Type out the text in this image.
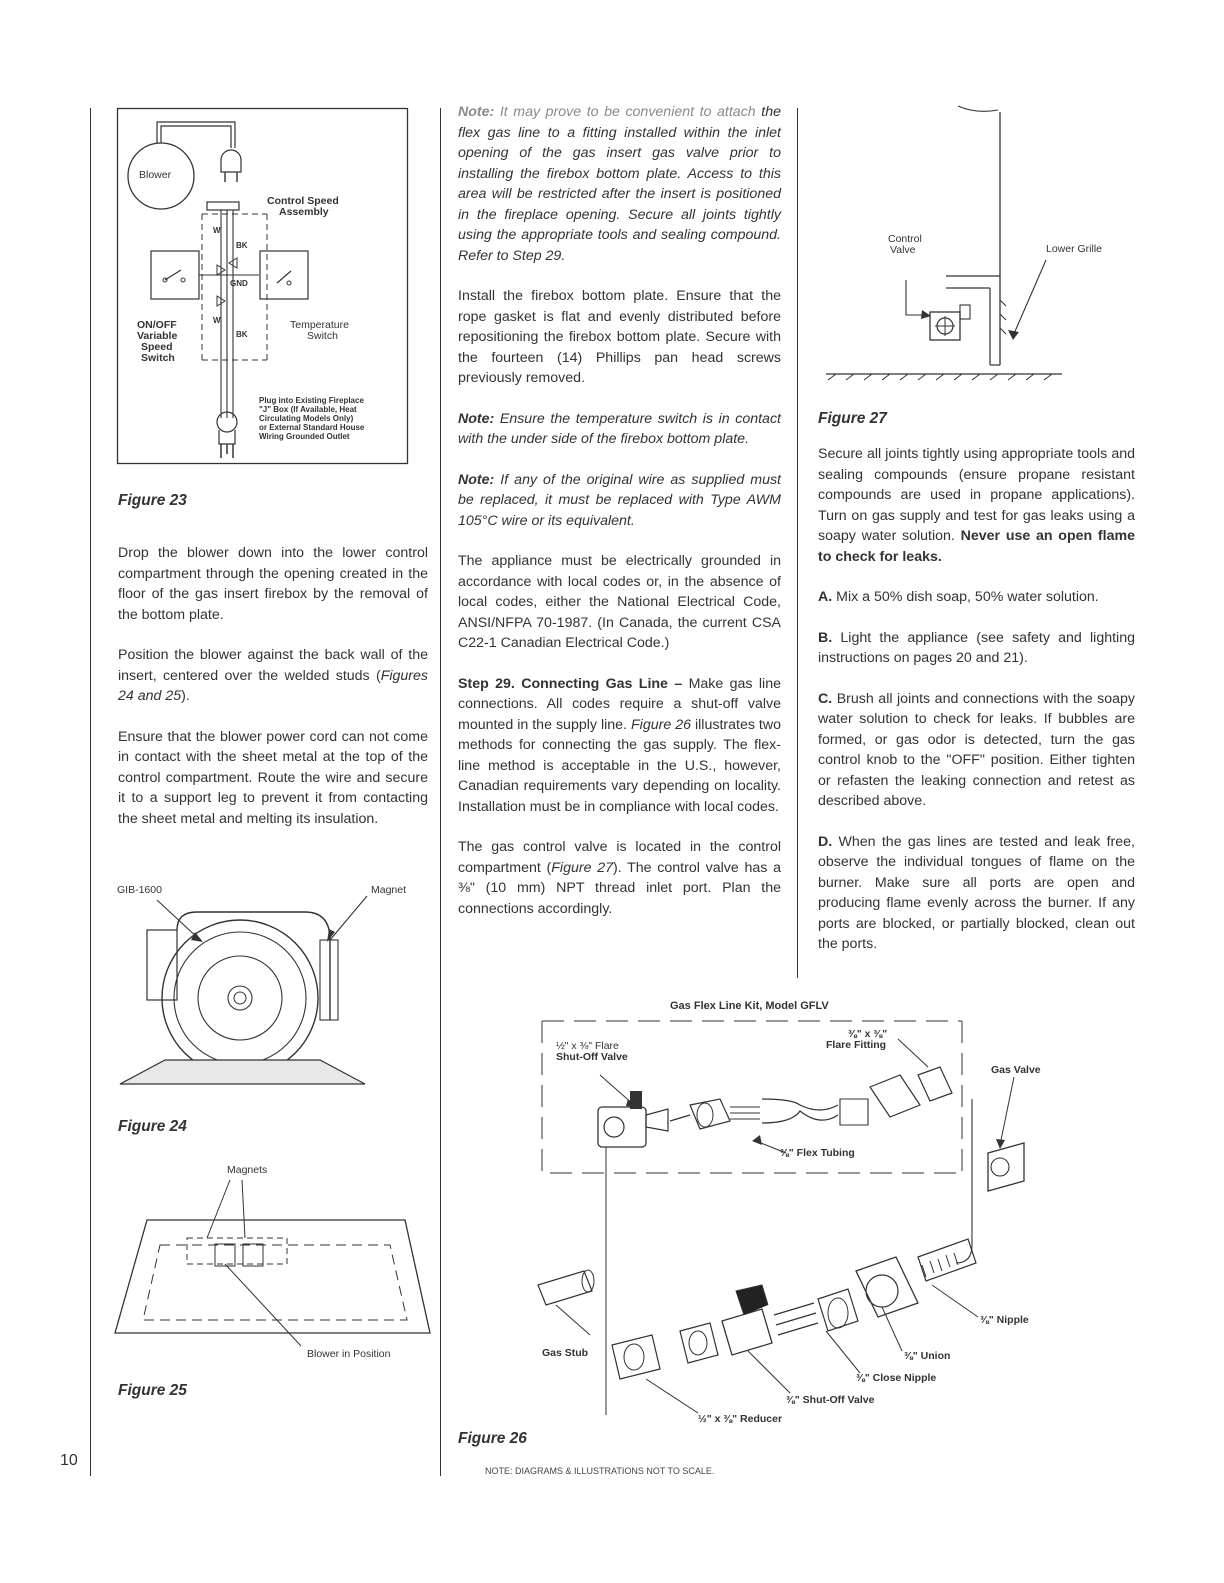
10
Blower
Control Speed
Assembly
W
BK
GND
W
BK
ON/OFF
Variable
Speed
Switch
Temperature
Switch
Plug into Existing Fireplace
"J" Box (If Available, Heat
Circulating Models Only)
or External Standard House
Wiring Grounded Outlet
Figure 23

Drop the blower down into the lower control compartment through the opening created in the floor of the gas insert firebox by the removal of the bottom plate.

Position the blower against the back wall of the insert, centered over the welded studs (Figures 24 and 25).

Ensure that the blower power cord can not come in contact with the sheet metal at the top of the control compartment. Route the wire and secure it to a support leg to prevent it from contacting the sheet metal and melting its insulation.

GIB-1600	Magnet
Figure 24
Magnets
Blower in Position
Figure 25

Note: It may prove to be convenient to attach the flex gas line to a fitting installed within the inlet opening of the gas insert gas valve prior to installing the firebox bottom plate. Access to this area will be restricted after the insert is positioned in the fireplace opening. Secure all joints tightly using the appropriate tools and sealing compound. Refer to Step 29.

Install the firebox bottom plate. Ensure that the rope gasket is flat and evenly distributed before repositioning the firebox bottom plate. Secure with the fourteen (14) Phillips pan head screws previously removed.

Note: Ensure the temperature switch is in contact with the under side of the firebox bottom plate.

Note: If any of the original wire as supplied must be replaced, it must be replaced with Type AWM 105°C wire or its equivalent.

The appliance must be electrically grounded in accordance with local codes or, in the absence of local codes, either the National Electrical Code, ANSI/NFPA 70-1987. (In Canada, the current CSA C22-1 Canadian Electrical Code.)

Step 29. Connecting Gas Line – Make gas line connections. All codes require a shut-off valve mounted in the supply line. Figure 26 illustrates two methods for connecting the gas supply. The flex-line method is acceptable in the U.S., however, Canadian requirements vary depending on locality. Installation must be in compliance with local codes.

The gas control valve is located in the control compartment (Figure 27). The control valve has a ⅜" (10 mm) NPT thread inlet port. Plan the connections accordingly.

Control
Valve	Lower Grille
Figure 27

Secure all joints tightly using appropriate tools and sealing compounds (ensure propane resistant compounds are used in propane applications). Turn on gas supply and test for gas leaks using a soapy water solution. Never use an open flame to check for leaks.

A. Mix a 50% dish soap, 50% water solution.

B. Light the appliance (see safety and lighting instructions on pages 20 and 21).

C. Brush all joints and connections with the soapy water solution to check for leaks. If bubbles are formed, or gas odor is detected, turn the gas control knob to the "OFF" position. Either tighten or refasten the leaking connection and retest as described above.

D. When the gas lines are tested and leak free, observe the individual tongues of flame on the burner. Make sure all ports are open and producing flame evenly across the burner. If any ports are blocked, or partially blocked, clean out the ports.

Gas Flex Line Kit, Model GFLV
½" x ⅜" Flare
Shut-Off Valve
⅜" x ⅜"
Flare Fitting
Gas Valve
⅜" Flex Tubing
Gas Stub
⅜" Nipple
⅜" Union
⅜" Close Nipple
⅜" Shut-Off Valve
½" x ⅜" Reducer
Figure 26
NOTE: DIAGRAMS & ILLUSTRATIONS NOT TO SCALE.
